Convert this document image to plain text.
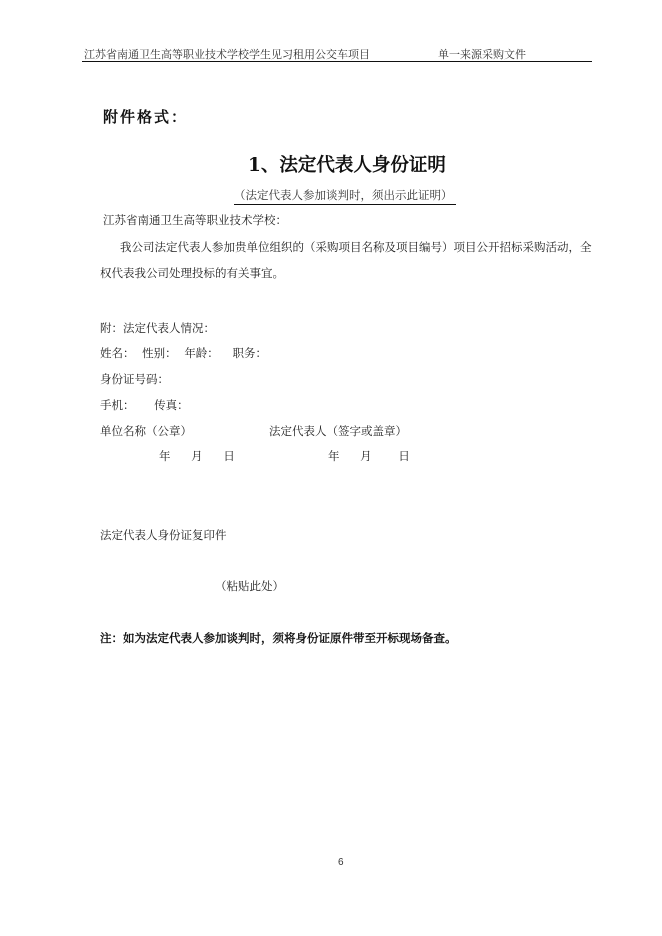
江苏省南通卫生高等职业技术学校学生见习租用公交车项目	单一来源采购文件
附件格式：
1、法定代表人身份证明
（法定代表人参加谈判时，须出示此证明）
江苏省南通卫生高等职业技术学校：
我公司法定代表人参加贵单位组织的（采购项目名称及项目编号）项目公开招标采购活动，全
权代表我公司处理投标的有关事宜。
附：法定代表人情况：
姓名： 性别： 年龄： 职务：
身份证号码：
手机： 传真：
单位名称（公章）	法定代表人（签字或盖章）
年 月 日	年 月 日
法定代表人身份证复印件
（粘贴此处）
注：如为法定代表人参加谈判时，须将身份证原件带至开标现场备查。
6
